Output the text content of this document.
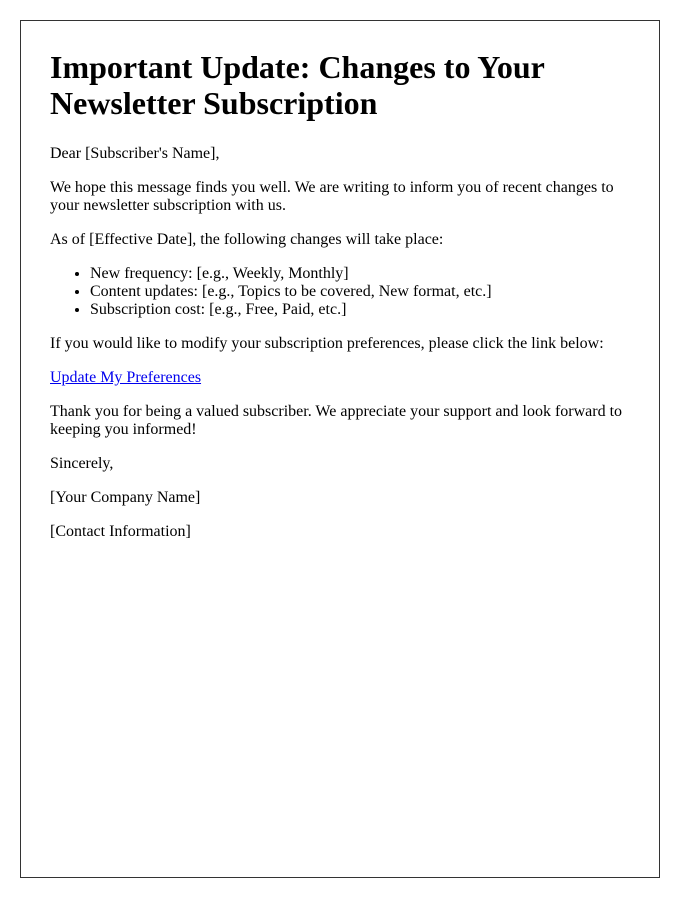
Important Update: Changes to Your Newsletter Subscription

Dear [Subscriber's Name],

We hope this message finds you well. We are writing to inform you of recent changes to your newsletter subscription with us.

As of [Effective Date], the following changes will take place:

• New frequency: [e.g., Weekly, Monthly]
• Content updates: [e.g., Topics to be covered, New format, etc.]
• Subscription cost: [e.g., Free, Paid, etc.]

If you would like to modify your subscription preferences, please click the link below:

Update My Preferences

Thank you for being a valued subscriber. We appreciate your support and look forward to keeping you informed!

Sincerely,

[Your Company Name]

[Contact Information]
